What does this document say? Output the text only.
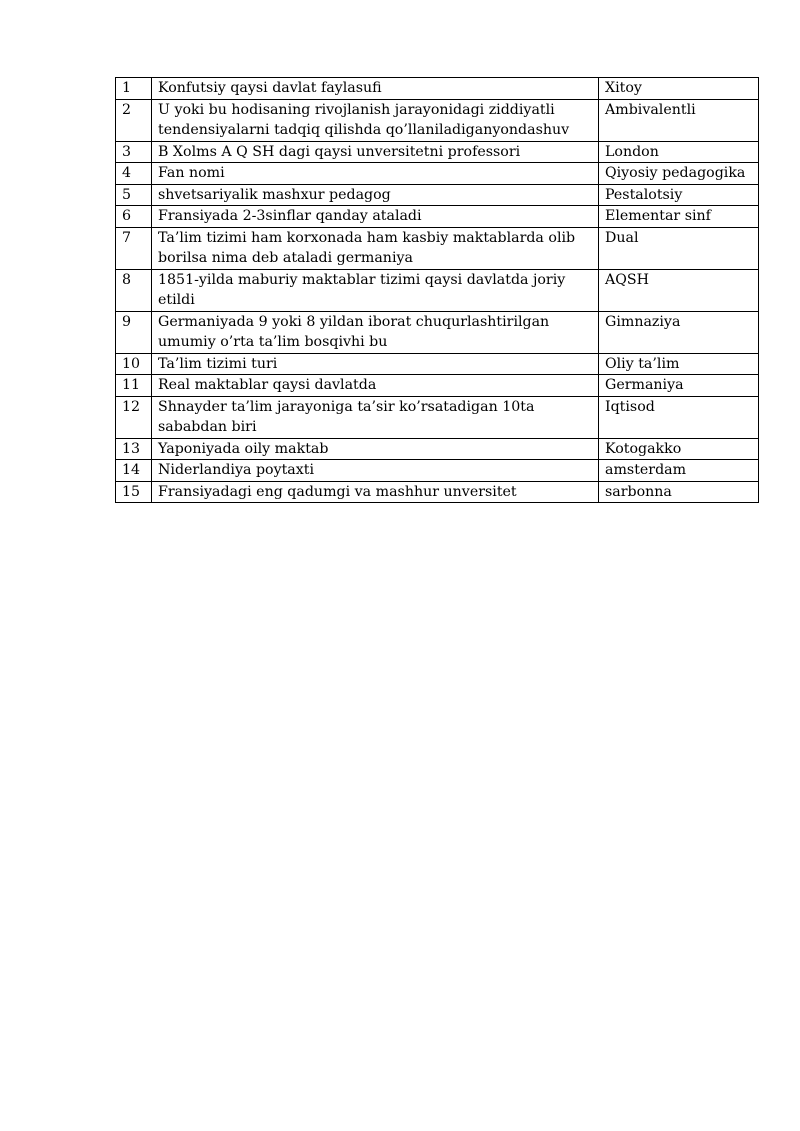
1	Konfutsiy qaysi davlat faylasufi	Xitoy
2	U yoki bu hodisaning rivojlanish jarayonidagi ziddiyatli tendensiyalarni tadqiq qilishda qo’llaniladiganyondashuv	Ambivalentli
3	B Xolms A Q SH dagi qaysi unversitetni professori	London
4	Fan nomi	Qiyosiy pedagogika
5	shvetsariyalik mashxur pedagog	Pestalotsiy
6	Fransiyada 2-3sinflar qanday ataladi	Elementar sinf
7	Ta’lim tizimi ham korxonada ham kasbiy maktablarda olib borilsa nima deb ataladi germaniya	Dual
8	1851-yilda maburiy maktablar tizimi qaysi davlatda joriy etildi	AQSH
9	Germaniyada 9 yoki 8 yildan iborat chuqurlashtirilgan umumiy o’rta ta’lim bosqivhi bu	Gimnaziya
10	Ta’lim tizimi turi	Oliy ta’lim
11	Real maktablar qaysi davlatda	Germaniya
12	Shnayder ta’lim jarayoniga ta’sir ko’rsatadigan 10ta sababdan biri	Iqtisod
13	Yaponiyada oily maktab	Kotogakko
14	Niderlandiya poytaxti	amsterdam
15	Fransiyadagi eng qadumgi va mashhur unversitet	sarbonna
